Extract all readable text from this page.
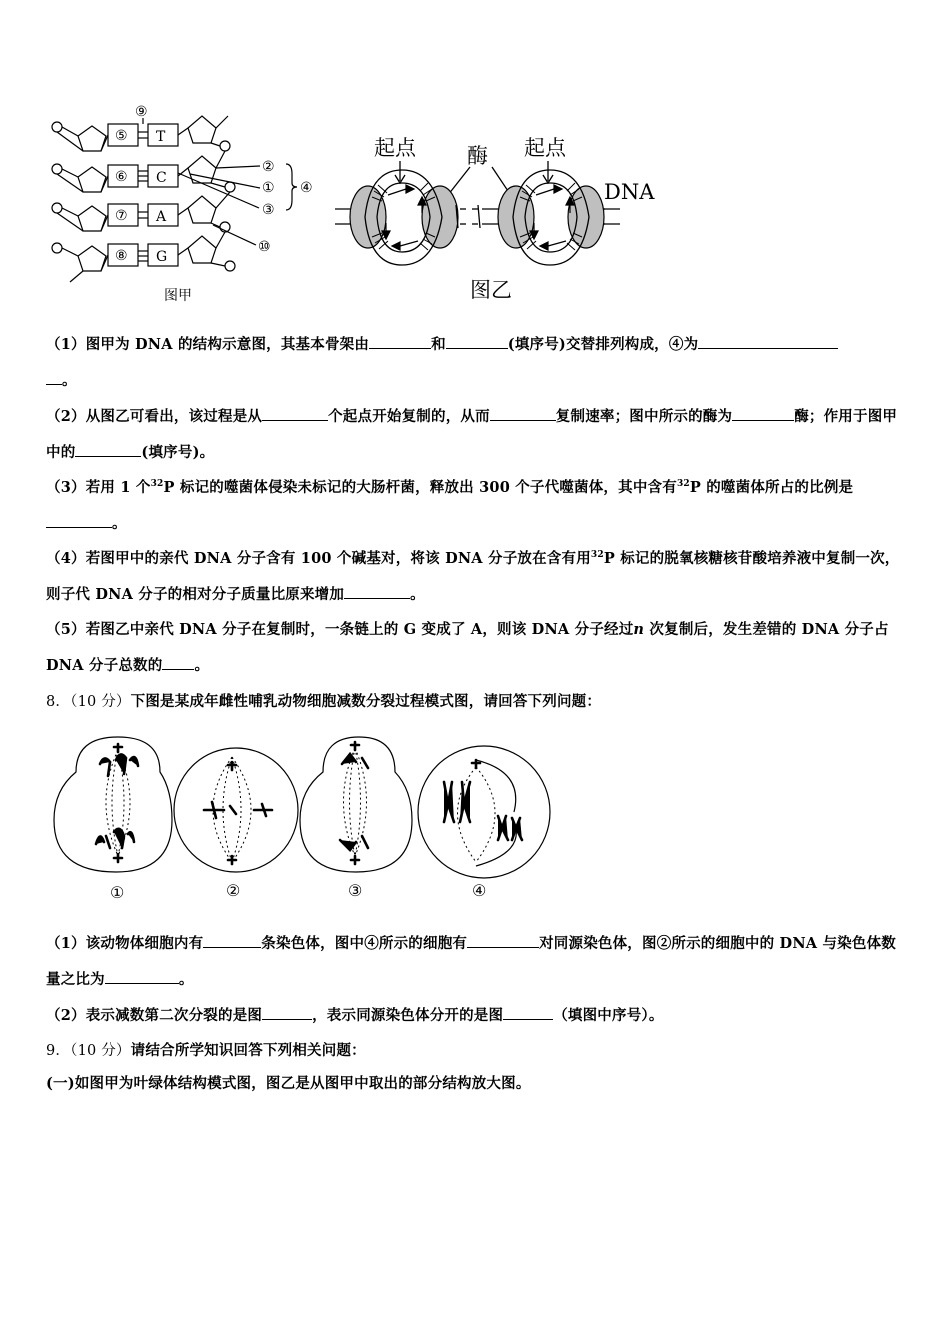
⑤
⑥
⑦
⑧
⑨
②
①
③
④
⑩
T
C
A
G
图甲
起点 酶 起点
DNA
图乙
（1）图甲为 DNA 的结构示意图，其基本骨架由	和	(填序号)交替排列构成，④为
。
（2）从图乙可看出，该过程是从	个起点开始复制的，从而	复制速率；图中所示的酶为	酶；作用于图甲中的	(填序号)。
（3）若用 1 个$^{32}$P 标记的噬菌体侵染未标记的大肠杆菌，释放出 300 个子代噬菌体，其中含有$^{32}$P 的噬菌体所占的比例是。
（4）若图甲中的亲代 DNA 分子含有 100 个碱基对，将该 DNA 分子放在含有用$^{32}$P 标记的脱氧核糖核苷酸培养液中复制一次，则子代 DNA 分子的相对分子质量比原来增加	。
（5）若图乙中亲代 DNA 分子在复制时，一条链上的 G 变成了 A，则该 DNA 分子经过n 次复制后，发生差错的 DNA 分子占 DNA 分子总数的 。
8．（10 分）下图是某成年雌性哺乳动物细胞减数分裂过程模式图，请回答下列问题：
①	②	③	④
（1）该动物体细胞内有	条染色体，图中④所示的细胞有	对同源染色体，图②所示的细胞中的 DNA 与染色体数量之比为	。
（2）表示减数第二次分裂的是图	，表示同源染色体分开的是图	（填图中序号）。
9．（10 分）请结合所学知识回答下列相关问题：
(一)如图甲为叶绿体结构模式图，图乙是从图甲中取出的部分结构放大图。
